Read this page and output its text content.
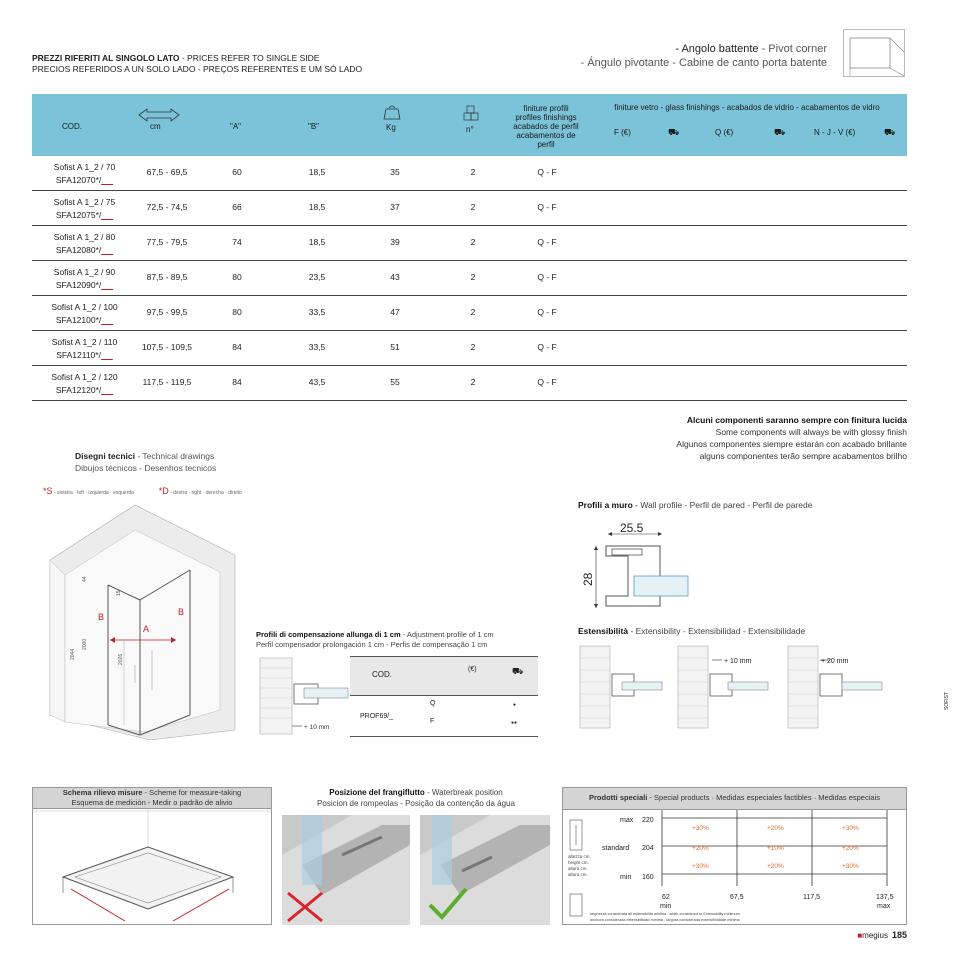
PREZZI RIFERITI AL SINGOLO LATO - PRICES REFER TO SINGLE SIDE
PRECIOS REFERIDOS A UN SOLO LADO - PREÇOS REFERENTES E UM SÓ LADO
- Angolo battente - Pivot corner
- Ángulo pivotante - Cabine de canto porta batente
COD.	cm	"A"	"B"	Kg	n°
finiture profili
profiles finishings
acabados de perfil
acabamentos de perfil
finiture vetro - glass finishings - acabados de vidrio - acabamentos de vidro
F (€)	⛟	Q (€)	⛟	N - J - V (€)	⛟
Sofist A 1_2 / 70
SFA12070*/_ _
67,5 - 69,5	60	18,5	35	2	Q - F
Sofist A 1_2 / 75
SFA12075*/_ _
72,5 - 74,5	66	18,5	37	2	Q - F
Sofist A 1_2 / 80
SFA12080*/_ _
77,5 - 79,5	74	18,5	39	2	Q - F
Sofist A 1_2 / 90
SFA12090*/_ _
87,5 - 89,5	80	23,5	43	2	Q - F
Sofist A 1_2 / 100
SFA12100*/_ _
97,5 - 99,5	80	33,5	47	2	Q - F
Sofist A 1_2 / 110
SFA12110*/_ _
107,5 - 109,5	84	33,5	51	2	Q - F
Sofist A 1_2 / 120
SFA12120*/_ _
117,5 - 119,5	84	43,5	55	2	Q - F
Alcuni componenti saranno sempre con finitura lucida
Some components will always be with glossy finish
Algunos componentes siempre estarán con acabado brillante
alguns componentes terão sempre acabamentos brilho
Disegni tecnici - Technical drawings
Dibujos técnicos - Desenhos tecnicos
*S - sinistra · left · izquierda · esquerda	*D - destra · right · derecha · direito
44
15
2044
2000
2026
A
B	B
Profili di compensazione allunga di 1 cm - Adjustment profile of 1 cm
Perfil compensador prolongación 1 cm - Perfis de compensação 1 cm
+ 10 mm
COD.
(€)	⛟
PROF69/_
Q
F
●
●●
Profili a muro - Wall profile - Perfil de pared - Perfil de parede
25.5
28
Estensibilità - Extensibility - Extensibilidad - Extensibilidade
+ 10 mm	+ 20 mm
Schema rilievo misure - Scheme for measure-taking
Esquema de medición - Medir o padrão de alivio
Posizione del frangiflutto - Waterbreak position
Posicion de rompeolas - Posição da contenção da água
Prodotti speciali - Special products · Medidas especiales factibles · Medidas especiais
altezza cm.
height cm.
altura cm.
altura cm.
max 220
standard 204
min 160
+30%	+20%	+30%
+20%	+10%	+20%
+30%	+20%	+30%
62
min
67,5	117,5	137,5
max
larghezza considerata all estensibilità minima - width considered to Extensibility minimum
anchura considerada extensibilidad mínima - largura considerada extensibilidade mínima
SOFIST
■megius 185
